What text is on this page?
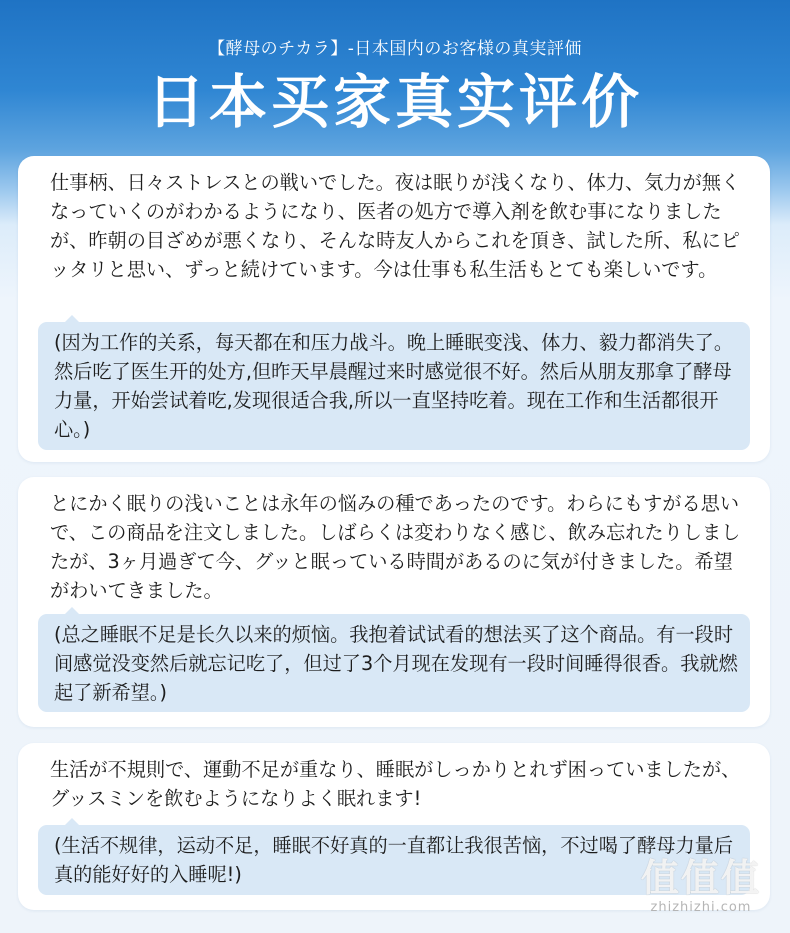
【酵母のチカラ】-日本国内のお客様の真実評価
日本买家真实评价
仕事柄、日々ストレスとの戦いでした。夜は眠りが浅くなり、体力、気力が無くなっていくのがわかるようになり、医者の処方で導入剤を飲む事になりましたが、昨朝の目ざめが悪くなり、そんな時友人からこれを頂き、試した所、私にピッタリと思い、ずっと続けています。今は仕事も私生活もとても楽しいです。
(因为工作的关系，每天都在和压力战斗。晚上睡眠变浅、体力、毅力都消失了。然后吃了医生开的处方,但昨天早晨醒过来时感觉很不好。然后从朋友那拿了酵母力量，开始尝试着吃,发现很适合我,所以一直坚持吃着。现在工作和生活都很开心。)
とにかく眠りの浅いことは永年の悩みの種であったのです。わらにもすがる思いで、この商品を注文しました。しばらくは変わりなく感じ、飲み忘れたりしましたが、3ヶ月過ぎて今、グッと眠っている時間があるのに気が付きました。希望がわいてきました。
(总之睡眠不足是长久以来的烦恼。我抱着试试看的想法买了这个商品。有一段时间感觉没变然后就忘记吃了，但过了3个月现在发现有一段时间睡得很香。我就燃起了新希望。)
生活が不規則で、運動不足が重なり、睡眠がしっかりとれず困っていましたが、グッスミンを飲むようになりよく眠れます!
(生活不规律，运动不足，睡眠不好真的一直都让我很苦恼，不过喝了酵母力量后真的能好好的入睡呢!)	值值值
zhizhizhi.com
